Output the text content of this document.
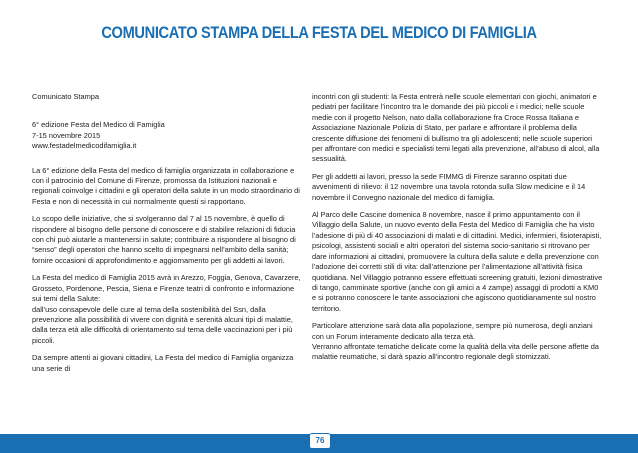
COMUNICATO STAMPA DELLA FESTA DEL MEDICO DI FAMIGLIA

Comunicato Stampa

6° edizione Festa del Medico di Famiglia
7-15 novembre 2015
www.festadelmedicodifamiglia.it

La 6° edizione della Festa del medico di famiglia organizzata in collaborazione e con il patrocinio del Comune di Firenze, promossa da Istituzioni nazionali e regionali coinvolge i cittadini e gli operatori della salute in un modo straordinario di Festa e non di necessità in cui normalmente questi si rapportano.

Lo scopo delle iniziative, che si svolgeranno dal 7 al 15 novembre, è quello di rispondere al bisogno delle persone di conoscere e di stabilire relazioni di fiducia con chi può aiutarle a mantenersi in salute; contribuire a rispondere al bisogno di “senso” degli operatori che hanno scelto di impegnarsi nell’ambito della sanità; fornire occasioni di approfondimento e aggiornamento per gli addetti ai lavori.

La Festa del medico di Famiglia 2015 avrà in Arezzo, Foggia, Genova, Cavarzere, Grosseto, Pordenone, Pescia, Siena e Firenze teatri di confronto e informazione sui temi della Salute:
dall’uso consapevole delle cure al tema della sostenibilità del Ssn, dalla prevenzione alla possibilità di vivere con dignità e serenità alcuni tipi di malattie, dalla terza età alle difficoltà di orientamento sul tema delle vaccinazioni per i più piccoli.

Da sempre attenti ai giovani cittadini, La Festa del medico di Famiglia organizza una serie di

incontri con gli studenti: la Festa entrerà nelle scuole elementari con giochi, animatori e pediatri per facilitare l’incontro tra le domande dei più piccoli e i medici; nelle scuole medie con il progetto Nelson, nato dalla collaborazione fra Croce Rossa Italiana e Associazione Nazionale Polizia di Stato, per parlare e affrontare il problema della crescente diffusione dei fenomeni di bullismo tra gli adolescenti; nelle scuole superiori per affrontare con medici e specialisti temi legati alla prevenzione, all’abuso di alcol, alla sessualità.

Per gli addetti ai lavori, presso la sede FIMMG di Firenze saranno ospitati due avvenimenti di rilievo: il 12 novembre una tavola rotonda sulla Slow medicine e il 14 novembre il Convegno nazionale del medico di famiglia.

Al Parco delle Cascine domenica 8 novembre, nasce il primo appuntamento con il Villaggio della Salute, un nuovo evento della Festa del Medico di Famiglia che ha visto l’adesione di più di 40 associazioni di malati e di cittadini. Medici, infermieri, fisioterapisti, psicologi, assistenti sociali e altri operatori del sistema socio-sanitario si ritrovano per dare informazioni ai cittadini, promuovere la cultura della salute e della prevenzione con l’adozione dei corretti stili di vita: dall’attenzione per l’alimentazione all’attività fisica quotidiana. Nel Villaggio potranno essere effettuati screening gratuiti, lezioni dimostrative di tango, camminate sportive (anche con gli amici a 4 zampe) assaggi di prodotti a KM0 e si potranno conoscere le tante associazioni che agiscono quotidianamente sul nostro territorio.

Particolare attenzione sarà data alla popolazione, sempre più numerosa, degli anziani con un Forum interamente dedicato alla terza età.
Verranno affrontate tematiche delicate come la qualità della vita delle persone affette da malattie reumatiche, si darà spazio all’incontro regionale degli stomizzati.

76
